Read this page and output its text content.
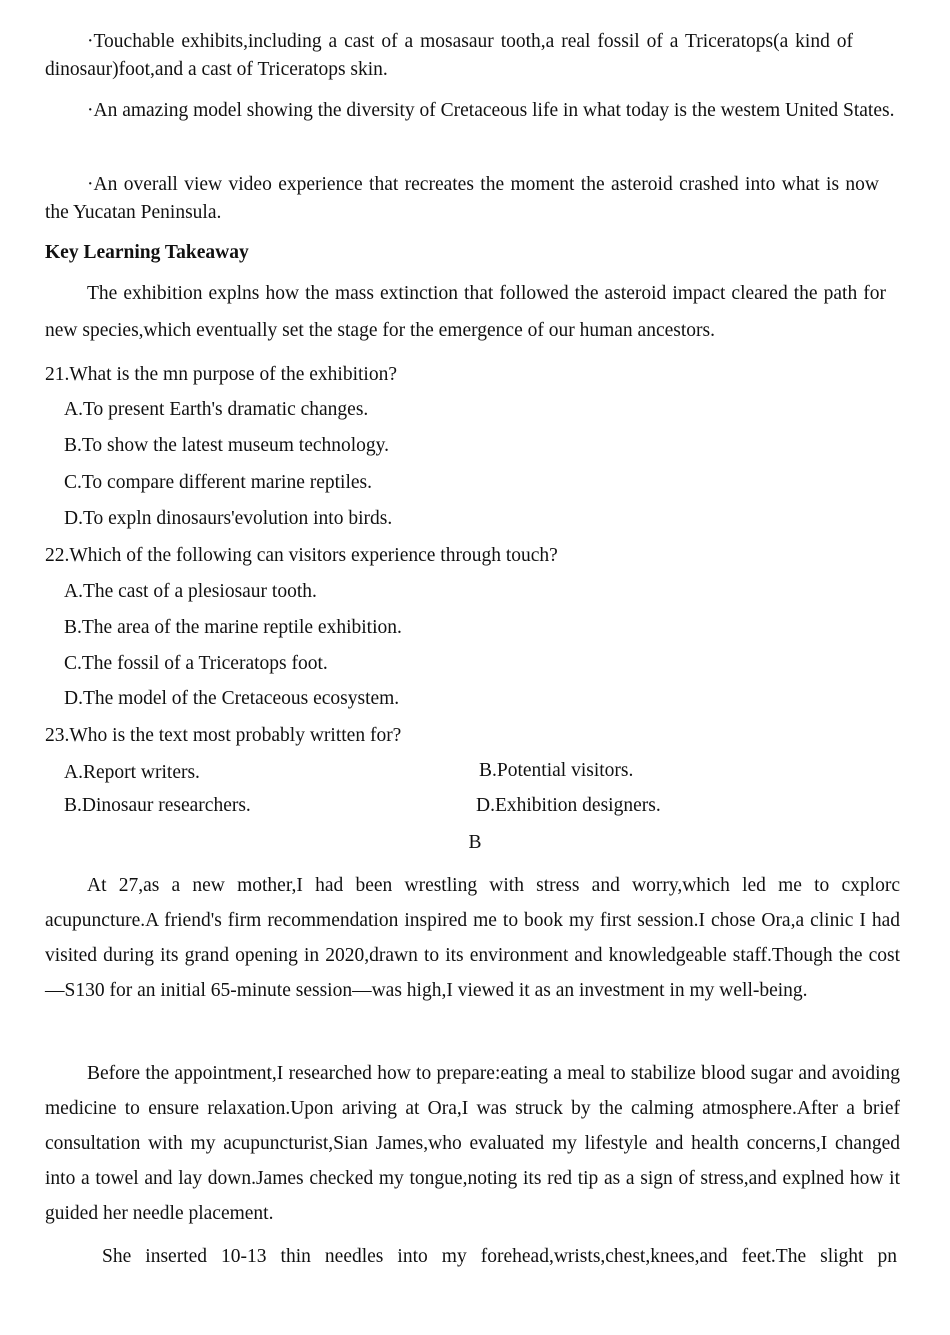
·Touchable exhibits,including a cast of a mosasaur tooth,a real fossil of a Triceratops(a kind of dinosaur)foot,and a cast of Triceratops skin.

·An amazing model showing the diversity of Cretaceous life in what today is the westem United States.

·An overall view video experience that recreates the moment the asteroid crashed into what is now the Yucatan Peninsula.

Key Learning Takeaway

The exhibition explns how the mass extinction that followed the asteroid impact cleared the path for new species,which eventually set the stage for the emergence of our human ancestors.

21.What is the mn purpose of the exhibition?
A.To present Earth's dramatic changes.
B.To show the latest museum technology.
C.To compare different marine reptiles.
D.To expln dinosaurs'evolution into birds.
22.Which of the following can visitors experience through touch?
A.The cast of a plesiosaur tooth.
B.The area of the marine reptile exhibition.
C.The fossil of a Triceratops foot.
D.The model of the Cretaceous ecosystem.
23.Who is the text most probably written for?
A.Report writers.	B.Potential visitors.
B.Dinosaur researchers.	D.Exhibition designers.
B

At 27,as a new mother,I had been wrestling with stress and worry,which led me to cxplorc acupuncture.A friend's firm recommendation inspired me to book my first session.I chose Ora,a clinic I had visited during its grand opening in 2020,drawn to its environment and knowledgeable staff.Though the cost—S130 for an initial 65-minute session—was high,I viewed it as an investment in my well-being.

Before the appointment,I researched how to prepare:eating a meal to stabilize blood sugar and avoiding medicine to ensure relaxation.Upon ariving at Ora,I was struck by the calming atmosphere.After a brief consultation with my acupuncturist,Sian James,who evaluated my lifestyle and health concerns,I changed into a towel and lay down.James checked my tongue,noting its red tip as a sign of stress,and explned how it guided her needle placement.

She inserted 10-13 thin needles into my forehead,wrists,chest,knees,and feet.The slight pn
